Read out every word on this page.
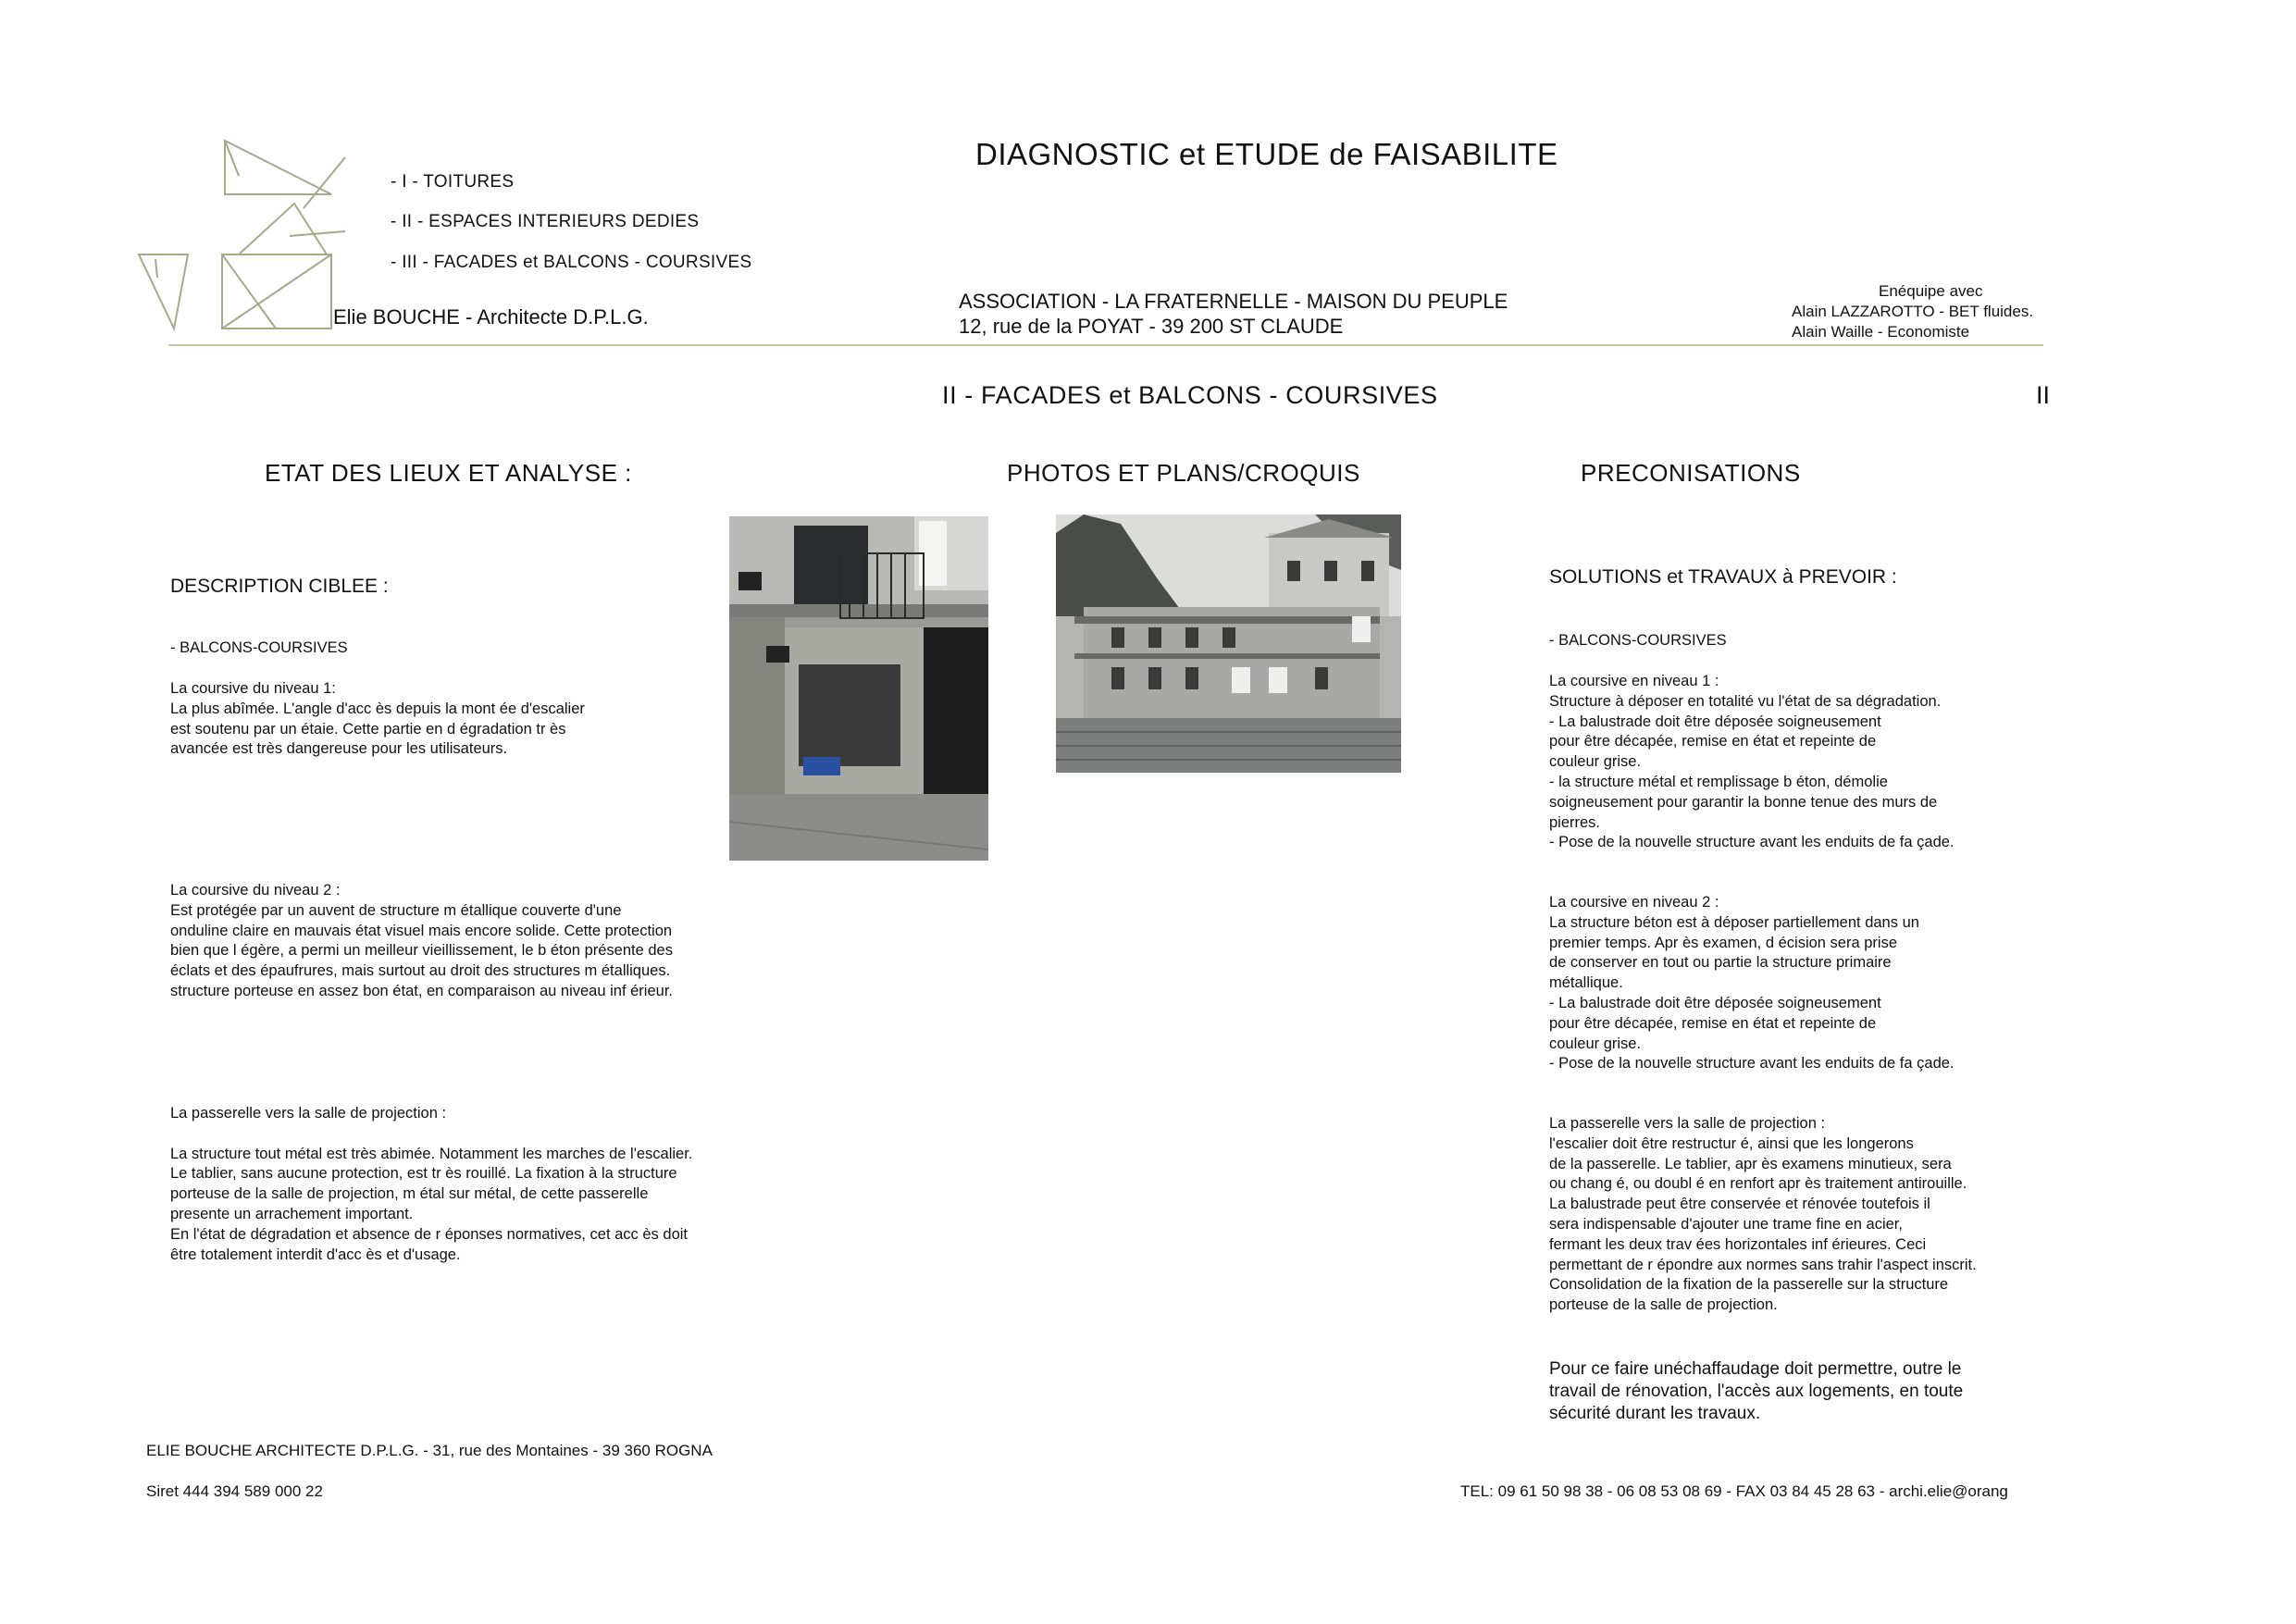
- I - TOITURES
- II - ESPACES INTERIEURS DEDIES
- III - FACADES et BALCONS - COURSIVES
Elie BOUCHE - Architecte D.P.L.G.
DIAGNOSTIC et ETUDE de FAISABILITE
ASSOCIATION - LA FRATERNELLE - MAISON DU PEUPLE
12, rue de la POYAT - 39 200 ST CLAUDE
Enéquipe avec
Alain LAZZAROTTO - BET fluides.
Alain Waille - Economiste
II - FACADES et BALCONS - COURSIVES	II
ETAT DES LIEUX ET ANALYSE :	PHOTOS ET PLANS/CROQUIS	PRECONISATIONS
DESCRIPTION CIBLEE :
- BALCONS-COURSIVES
La coursive du niveau 1:
La plus abîmée. L'angle d'acc ès depuis la mont ée d'escalier
est soutenu par un étaie. Cette partie en d égradation tr ès
avancée est très dangereuse pour les utilisateurs.
La coursive du niveau 2 :
Est protégée par un auvent de structure m étallique couverte d'une
onduline claire en mauvais état visuel mais encore solide. Cette protection
bien que l égère, a permi un meilleur vieillissement, le b éton présente des
éclats et des épaufrures, mais surtout au droit des structures m étalliques.
structure porteuse en assez bon état, en comparaison au niveau inf érieur.
La passerelle vers la salle de projection :

La structure tout métal est très abimée. Notamment les marches de l'escalier.
Le tablier, sans aucune protection, est tr ès rouillé. La fixation à la structure
porteuse de la salle de projection, m étal sur métal, de cette passerelle
presente un arrachement important.
En l'état de dégradation et absence de r éponses normatives, cet acc ès doit
être totalement interdit d'acc ès et d'usage.
SOLUTIONS et TRAVAUX à PREVOIR :
- BALCONS-COURSIVES
La coursive en niveau 1 :
Structure à déposer en totalité vu l'état de sa dégradation.
- La balustrade doit être déposée soigneusement
pour être décapée, remise en état et repeinte de
couleur grise.
- la structure métal et remplissage b éton, démolie
soigneusement pour garantir la bonne tenue des murs de
pierres.
- Pose de la nouvelle structure avant les enduits de fa çade.
La coursive en niveau 2 :
La structure béton est à déposer partiellement dans un
premier temps. Apr ès examen, d écision sera prise
de conserver en tout ou partie la structure primaire
métallique.
- La balustrade doit être déposée soigneusement
pour être décapée, remise en état et repeinte de
couleur grise.
- Pose de la nouvelle structure avant les enduits de fa çade.
La passerelle vers la salle de projection :
l'escalier doit être restructur é, ainsi que les longerons
de la passerelle. Le tablier, apr ès examens minutieux, sera
ou chang é, ou doubl é en renfort apr ès traitement antirouille.
La balustrade peut être conservée et rénovée toutefois il
sera indispensable d'ajouter une trame fine en acier,
fermant les deux trav ées horizontales inf érieures. Ceci
permettant de r épondre aux normes sans trahir l'aspect inscrit.
Consolidation de la fixation de la passerelle sur la structure
porteuse de la salle de projection.
Pour ce faire unéchaffaudage doit permettre, outre le
travail de rénovation, l'accès aux logements, en toute
sécurité durant les travaux.
ELIE BOUCHE ARCHITECTE D.P.L.G. - 31, rue des Montaines - 39 360 ROGNA
Siret 444 394 589 000 22	TEL: 09 61 50 98 38 - 06 08 53 08 69 - FAX 03 84 45 28 63 - archi.elie@orang
